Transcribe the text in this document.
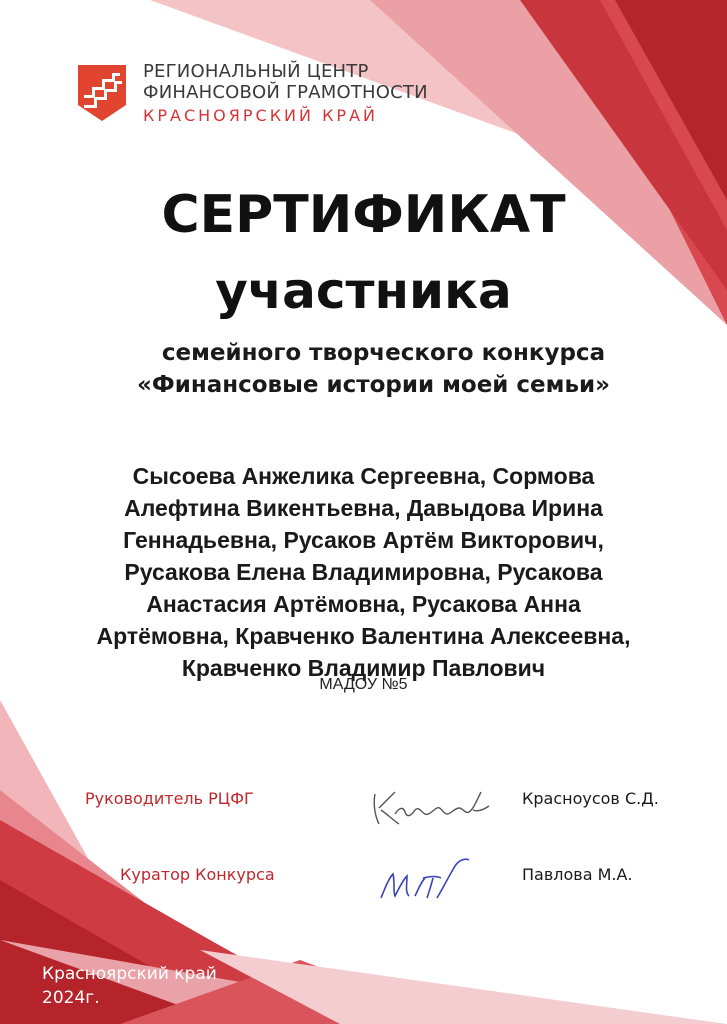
РЕГИОНАЛЬНЫЙ ЦЕНТР
ФИНАНСОВОЙ ГРАМОТНОСТИ
КРАСНОЯРСКИЙ КРАЙ
СЕРТИФИКАТ
участника
семейного творческого конкурса
«Финансовые истории моей семьи»
Сысоева Анжелика Сергеевна, Сормова
Алефтина Викентьевна, Давыдова Ирина
Геннадьевна, Русаков Артём Викторович,
Русакова Елена Владимировна, Русакова
Анастасия Артёмовна, Русакова Анна
Артёмовна, Кравченко Валентина Алексеевна,
Кравченко Владимир Павлович
МАДОУ №5
Руководитель РЦФГ	Красноусов С.Д.
Куратор Конкурса	Павлова М.А.
Красноярский край
2024г.
